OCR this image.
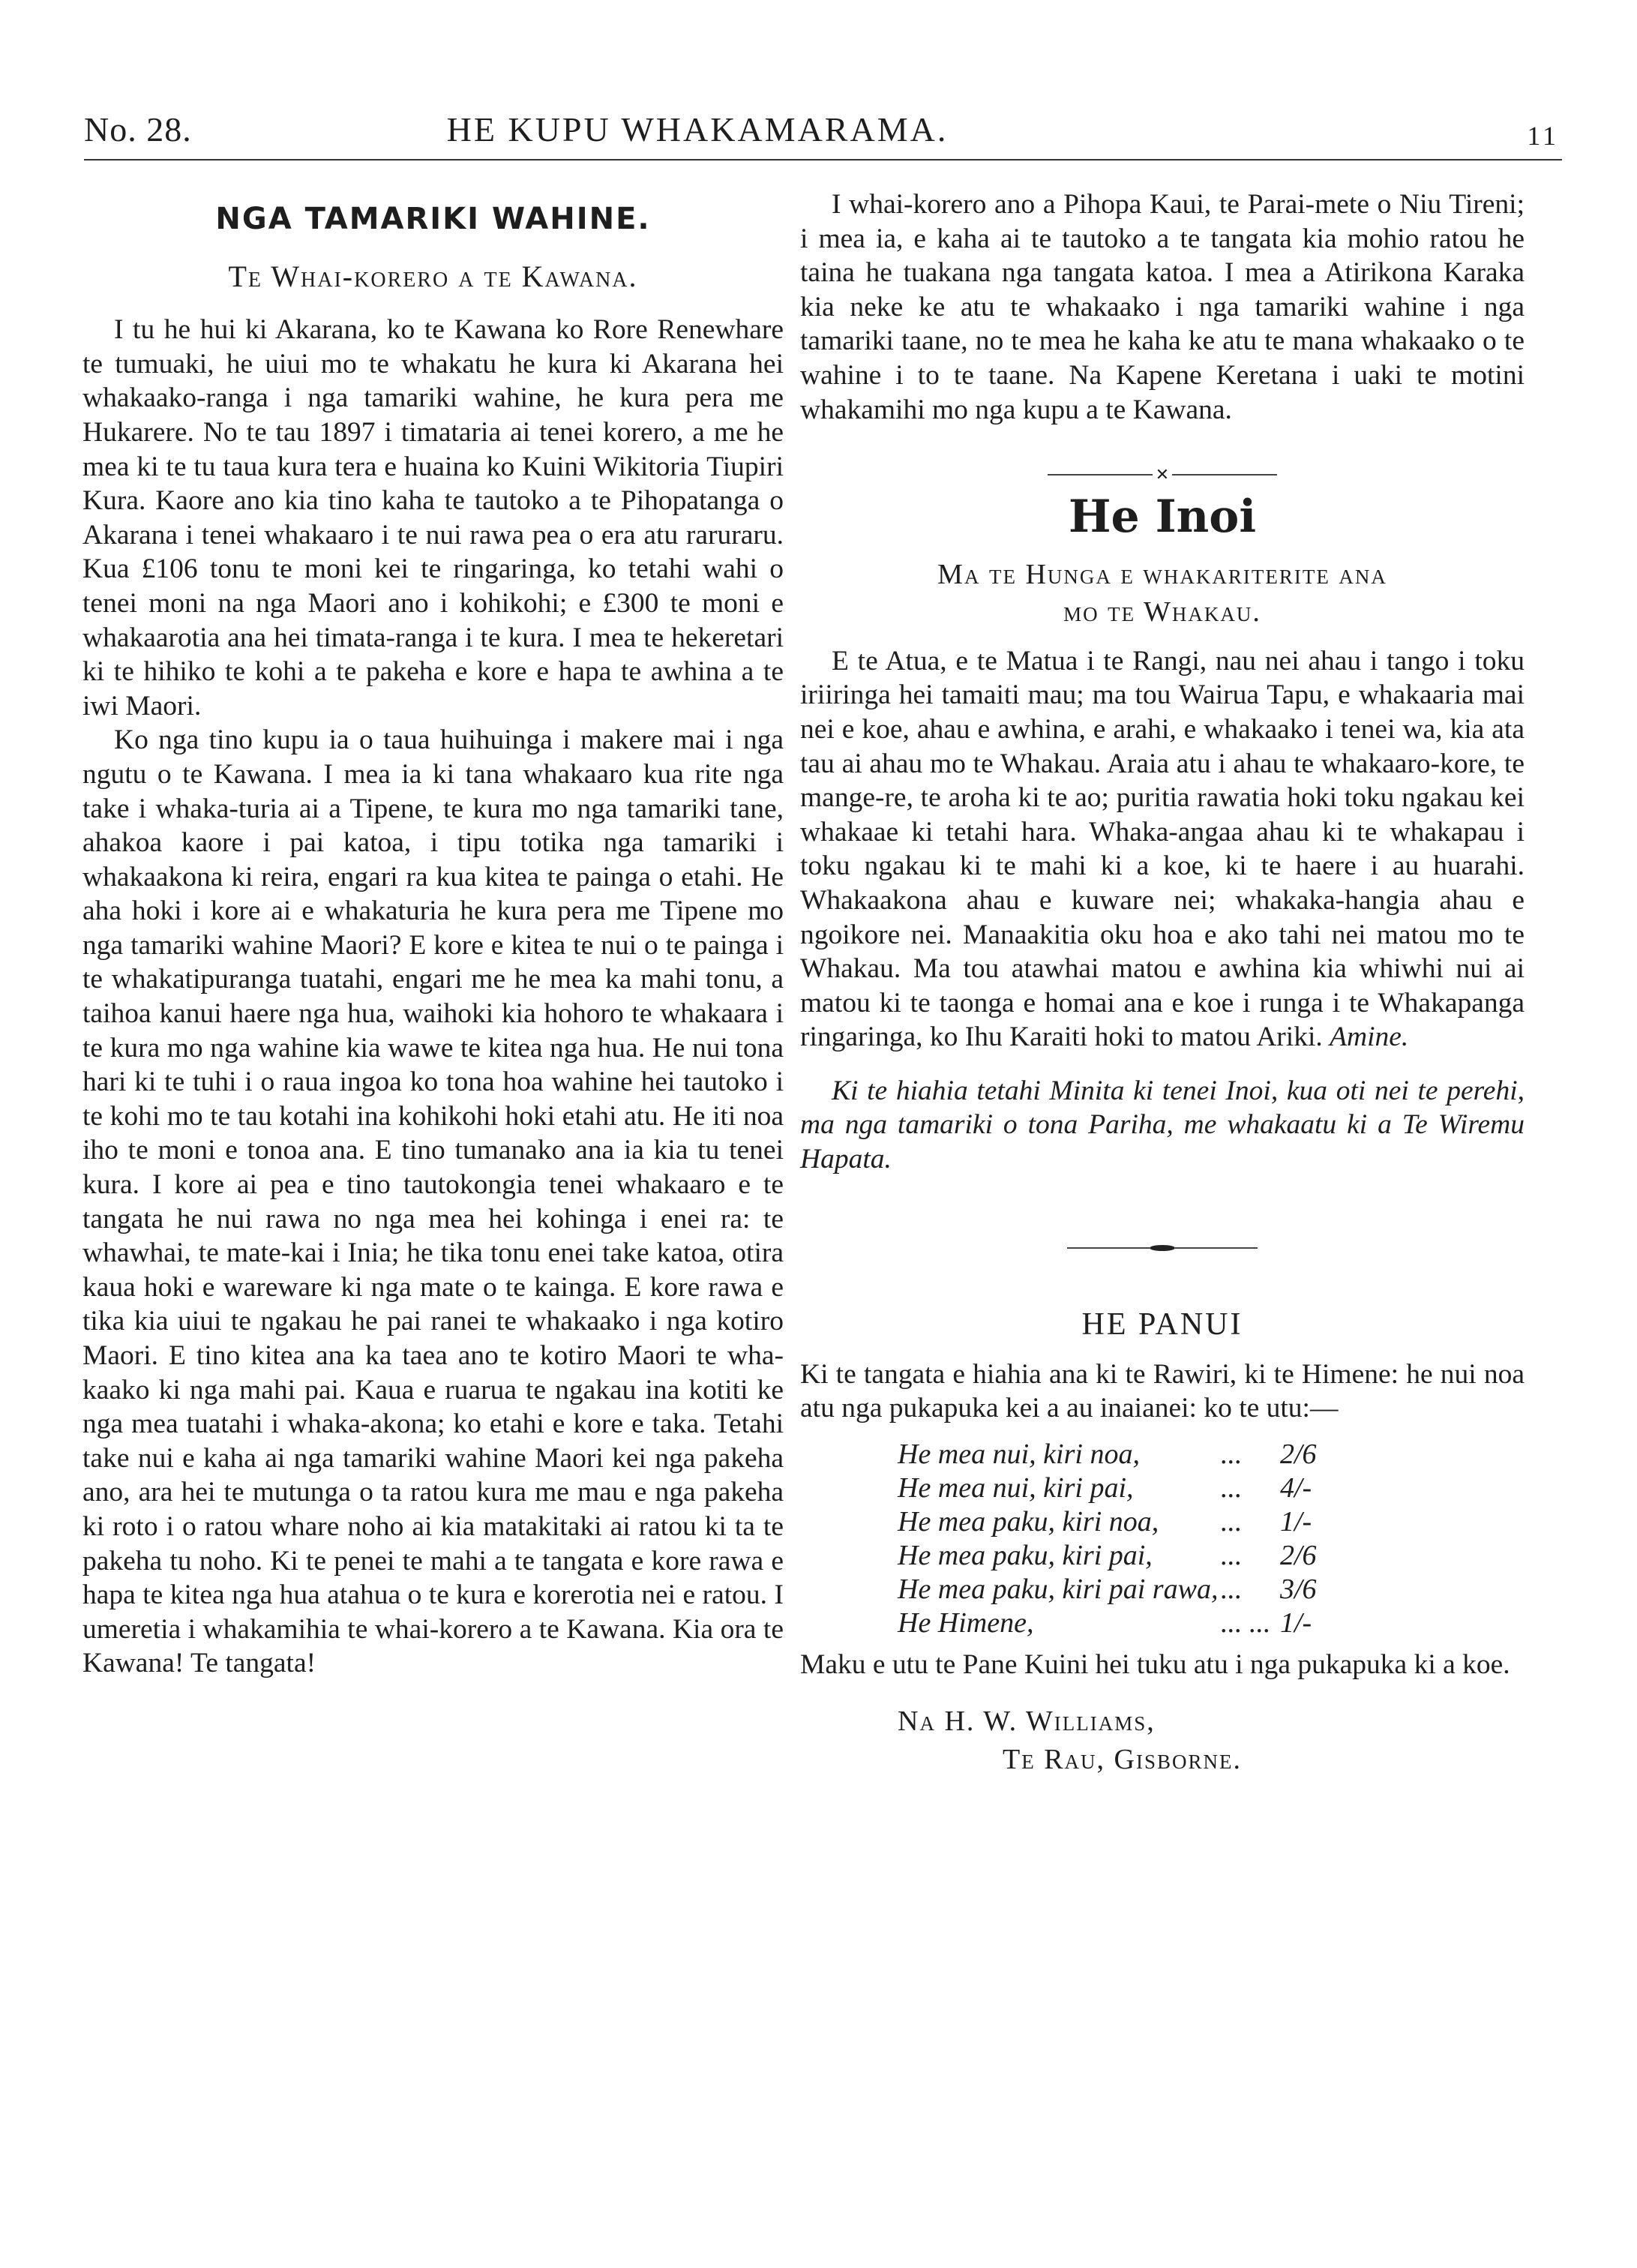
No. 28.	HE KUPU WHAKAMARAMA.	11
NGA TAMARIKI WAHINE.
Te Whai-korero a te Kawana.

I tu he hui ki Akarana, ko te Kawana ko Rore Renewhare te tumuaki, he uiui mo te whakatu he kura ki Akarana hei whakaako-ranga i nga tamariki wahine, he kura pera me Hukarere. No te tau 1897 i timataria ai tenei korero, a me he mea ki te tu taua kura tera e huaina ko Kuini Wikitoria Tiupiri Kura. Kaore ano kia tino kaha te tautoko a te Pihopatanga o Akarana i tenei whakaaro i te nui rawa pea o era atu raruraru. Kua £106 tonu te moni kei te ringaringa, ko tetahi wahi o tenei moni na nga Maori ano i kohikohi; e £300 te moni e whakaarotia ana hei timata-ranga i te kura. I mea te hekeretari ki te hihiko te kohi a te pakeha e kore e hapa te awhina a te iwi Maori.

Ko nga tino kupu ia o taua huihuinga i makere mai i nga ngutu o te Kawana. I mea ia ki tana whakaaro kua rite nga take i whaka-turia ai a Tipene, te kura mo nga tamariki tane, ahakoa kaore i pai katoa, i tipu totika nga tamariki i whakaakona ki reira, engari ra kua kitea te painga o etahi. He aha hoki i kore ai e whakaturia he kura pera me Tipene mo nga tamariki wahine Maori? E kore e kitea te nui o te painga i te whakatipuranga tuatahi, engari me he mea ka mahi tonu, a taihoa kanui haere nga hua, waihoki kia hohoro te whakaara i te kura mo nga wahine kia wawe te kitea nga hua. He nui tona hari ki te tuhi i o raua ingoa ko tona hoa wahine hei tautoko i te kohi mo te tau kotahi ina kohikohi hoki etahi atu. He iti noa iho te moni e tonoa ana. E tino tumanako ana ia kia tu tenei kura. I kore ai pea e tino tautokongia tenei whakaaro e te tangata he nui rawa no nga mea hei kohinga i enei ra: te whawhai, te mate-kai i Inia; he tika tonu enei take katoa, otira kaua hoki e wareware ki nga mate o te kainga. E kore rawa e tika kia uiui te ngakau he pai ranei te whakaako i nga kotiro Maori. E tino kitea ana ka taea ano te kotiro Maori te wha-kaako ki nga mahi pai. Kaua e ruarua te ngakau ina kotiti ke nga mea tuatahi i whaka-akona; ko etahi e kore e taka. Tetahi take nui e kaha ai nga tamariki wahine Maori kei nga pakeha ano, ara hei te mutunga o ta ratou kura me mau e nga pakeha ki roto i o ratou whare noho ai kia matakitaki ai ratou ki ta te pakeha tu noho. Ki te penei te mahi a te tangata e kore rawa e hapa te kitea nga hua atahua o te kura e korerotia nei e ratou. I umeretia i whakamihia te whai-korero a te Kawana. Kia ora te Kawana! Te tangata!

I whai-korero ano a Pihopa Kaui, te Parai-mete o Niu Tireni; i mea ia, e kaha ai te tautoko a te tangata kia mohio ratou he taina he tuakana nga tangata katoa. I mea a Atirikona Karaka kia neke ke atu te whakaako i nga tamariki wahine i nga tamariki taane, no te mea he kaha ke atu te mana whakaako o te wahine i to te taane. Na Kapene Keretana i uaki te motini whakamihi mo nga kupu a te Kawana.

✕
He Inoi
Ma te Hunga e whakariterite ana
mo te Whakau.

E te Atua, e te Matua i te Rangi, nau nei ahau i tango i toku iriiringa hei tamaiti mau; ma tou Wairua Tapu, e whakaaria mai nei e koe, ahau e awhina, e arahi, e whakaako i tenei wa, kia ata tau ai ahau mo te Whakau. Araia atu i ahau te whakaaro-kore, te mange-re, te aroha ki te ao; puritia rawatia hoki toku ngakau kei whakaae ki tetahi hara. Whaka-angaa ahau ki te whakapau i toku ngakau ki te mahi ki a koe, ki te haere i au huarahi. Whakaakona ahau e kuware nei; whakaka-hangia ahau e ngoikore nei. Manaakitia oku hoa e ako tahi nei matou mo te Whakau. Ma tou atawhai matou e awhina kia whiwhi nui ai matou ki te taonga e homai ana e koe i runga i te Whakapanga ringaringa, ko Ihu Karaiti hoki to matou Ariki. Amine.

Ki te hiahia tetahi Minita ki tenei Inoi, kua oti nei te perehi, ma nga tamariki o tona Pariha, me whakaatu ki a Te Wiremu Hapata.

HE PANUI

Ki te tangata e hiahia ana ki te Rawiri, ki te Himene: he nui noa atu nga pukapuka kei a au inaianei: ko te utu:—

He mea nui, kiri noa,	...	2/6
He mea nui, kiri pai,	...	4/-
He mea paku, kiri noa,	...	1/-
He mea paku, kiri pai,	...	2/6
He mea paku, kiri pai rawa,	...	3/6
He Himene,	... ...	1/-

Maku e utu te Pane Kuini hei tuku atu i nga pukapuka ki a koe.

Na H. W. Williams,
Te Rau, Gisborne.
